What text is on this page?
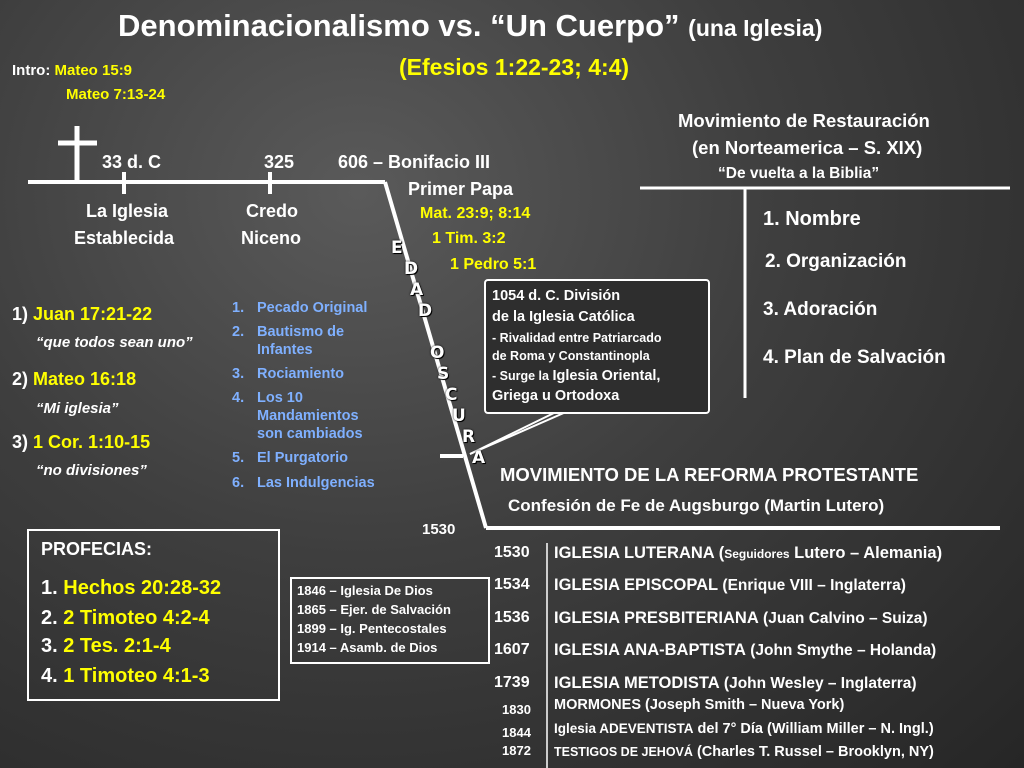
Denominacionalismo vs. “Un Cuerpo” (una Iglesia)
(Efesios 1:22-23; 4:4)
Intro: Mateo 15:9
Mateo 7:13-24
33 d. C	325 606 – Bonifacio III
La Iglesia
Establecida
Credo
Niceno
Primer Papa
Mat. 23:9; 8:14
1 Tim. 3:2
1 Pedro 5:1
E
D
A
D
O
S
C
U
R
A
Movimiento de Restauración
(en Norteamerica – S. XIX)
“De vuelta a la Biblia”
1. Nombre
2. Organización
3. Adoración
4. Plan de Salvación
1) Juan 17:21-22
“que todos sean uno”
2) Mateo 16:18
“Mi iglesia”
3) 1 Cor. 1:10-15
“no divisiones”
1. Pecado Original
2. Bautismo de
Infantes
3. Rociamiento
4. Los 10
Mandamientos
son cambiados
5. El Purgatorio
6. Las Indulgencias
1054 d. C. División
de la Iglesia Católica
- Rivalidad entre Patriarcado
de Roma y Constantinopla
- Surge la Iglesia Oriental,
Griega u Ortodoxa
MOVIMIENTO DE LA REFORMA PROTESTANTE
Confesión de Fe de Augsburgo (Martin Lutero)
1530
PROFECIAS:
1. Hechos 20:28-32
2. 2 Timoteo 4:2-4
3. 2 Tes. 2:1-4
4. 1 Timoteo 4:1-3
1846 – Iglesia De Dios
1865 – Ejer. de Salvación
1899 – Ig. Pentecostales
1914 – Asamb. de Dios
1530 IGLESIA LUTERANA (Seguidores Lutero – Alemania)
1534 IGLESIA EPISCOPAL (Enrique VIII – Inglaterra)
1536 IGLESIA PRESBITERIANA (Juan Calvino – Suiza)
1607 IGLESIA ANA-BAPTISTA (John Smythe – Holanda)
1739 IGLESIA METODISTA (John Wesley – Inglaterra)
1830 MORMONES (Joseph Smith – Nueva York)
1844 Iglesia ADEVENTISTA del 7° Día (William Miller – N. Ingl.)
1872 TESTIGOS DE JEHOVÁ (Charles T. Russel – Brooklyn, NY)
